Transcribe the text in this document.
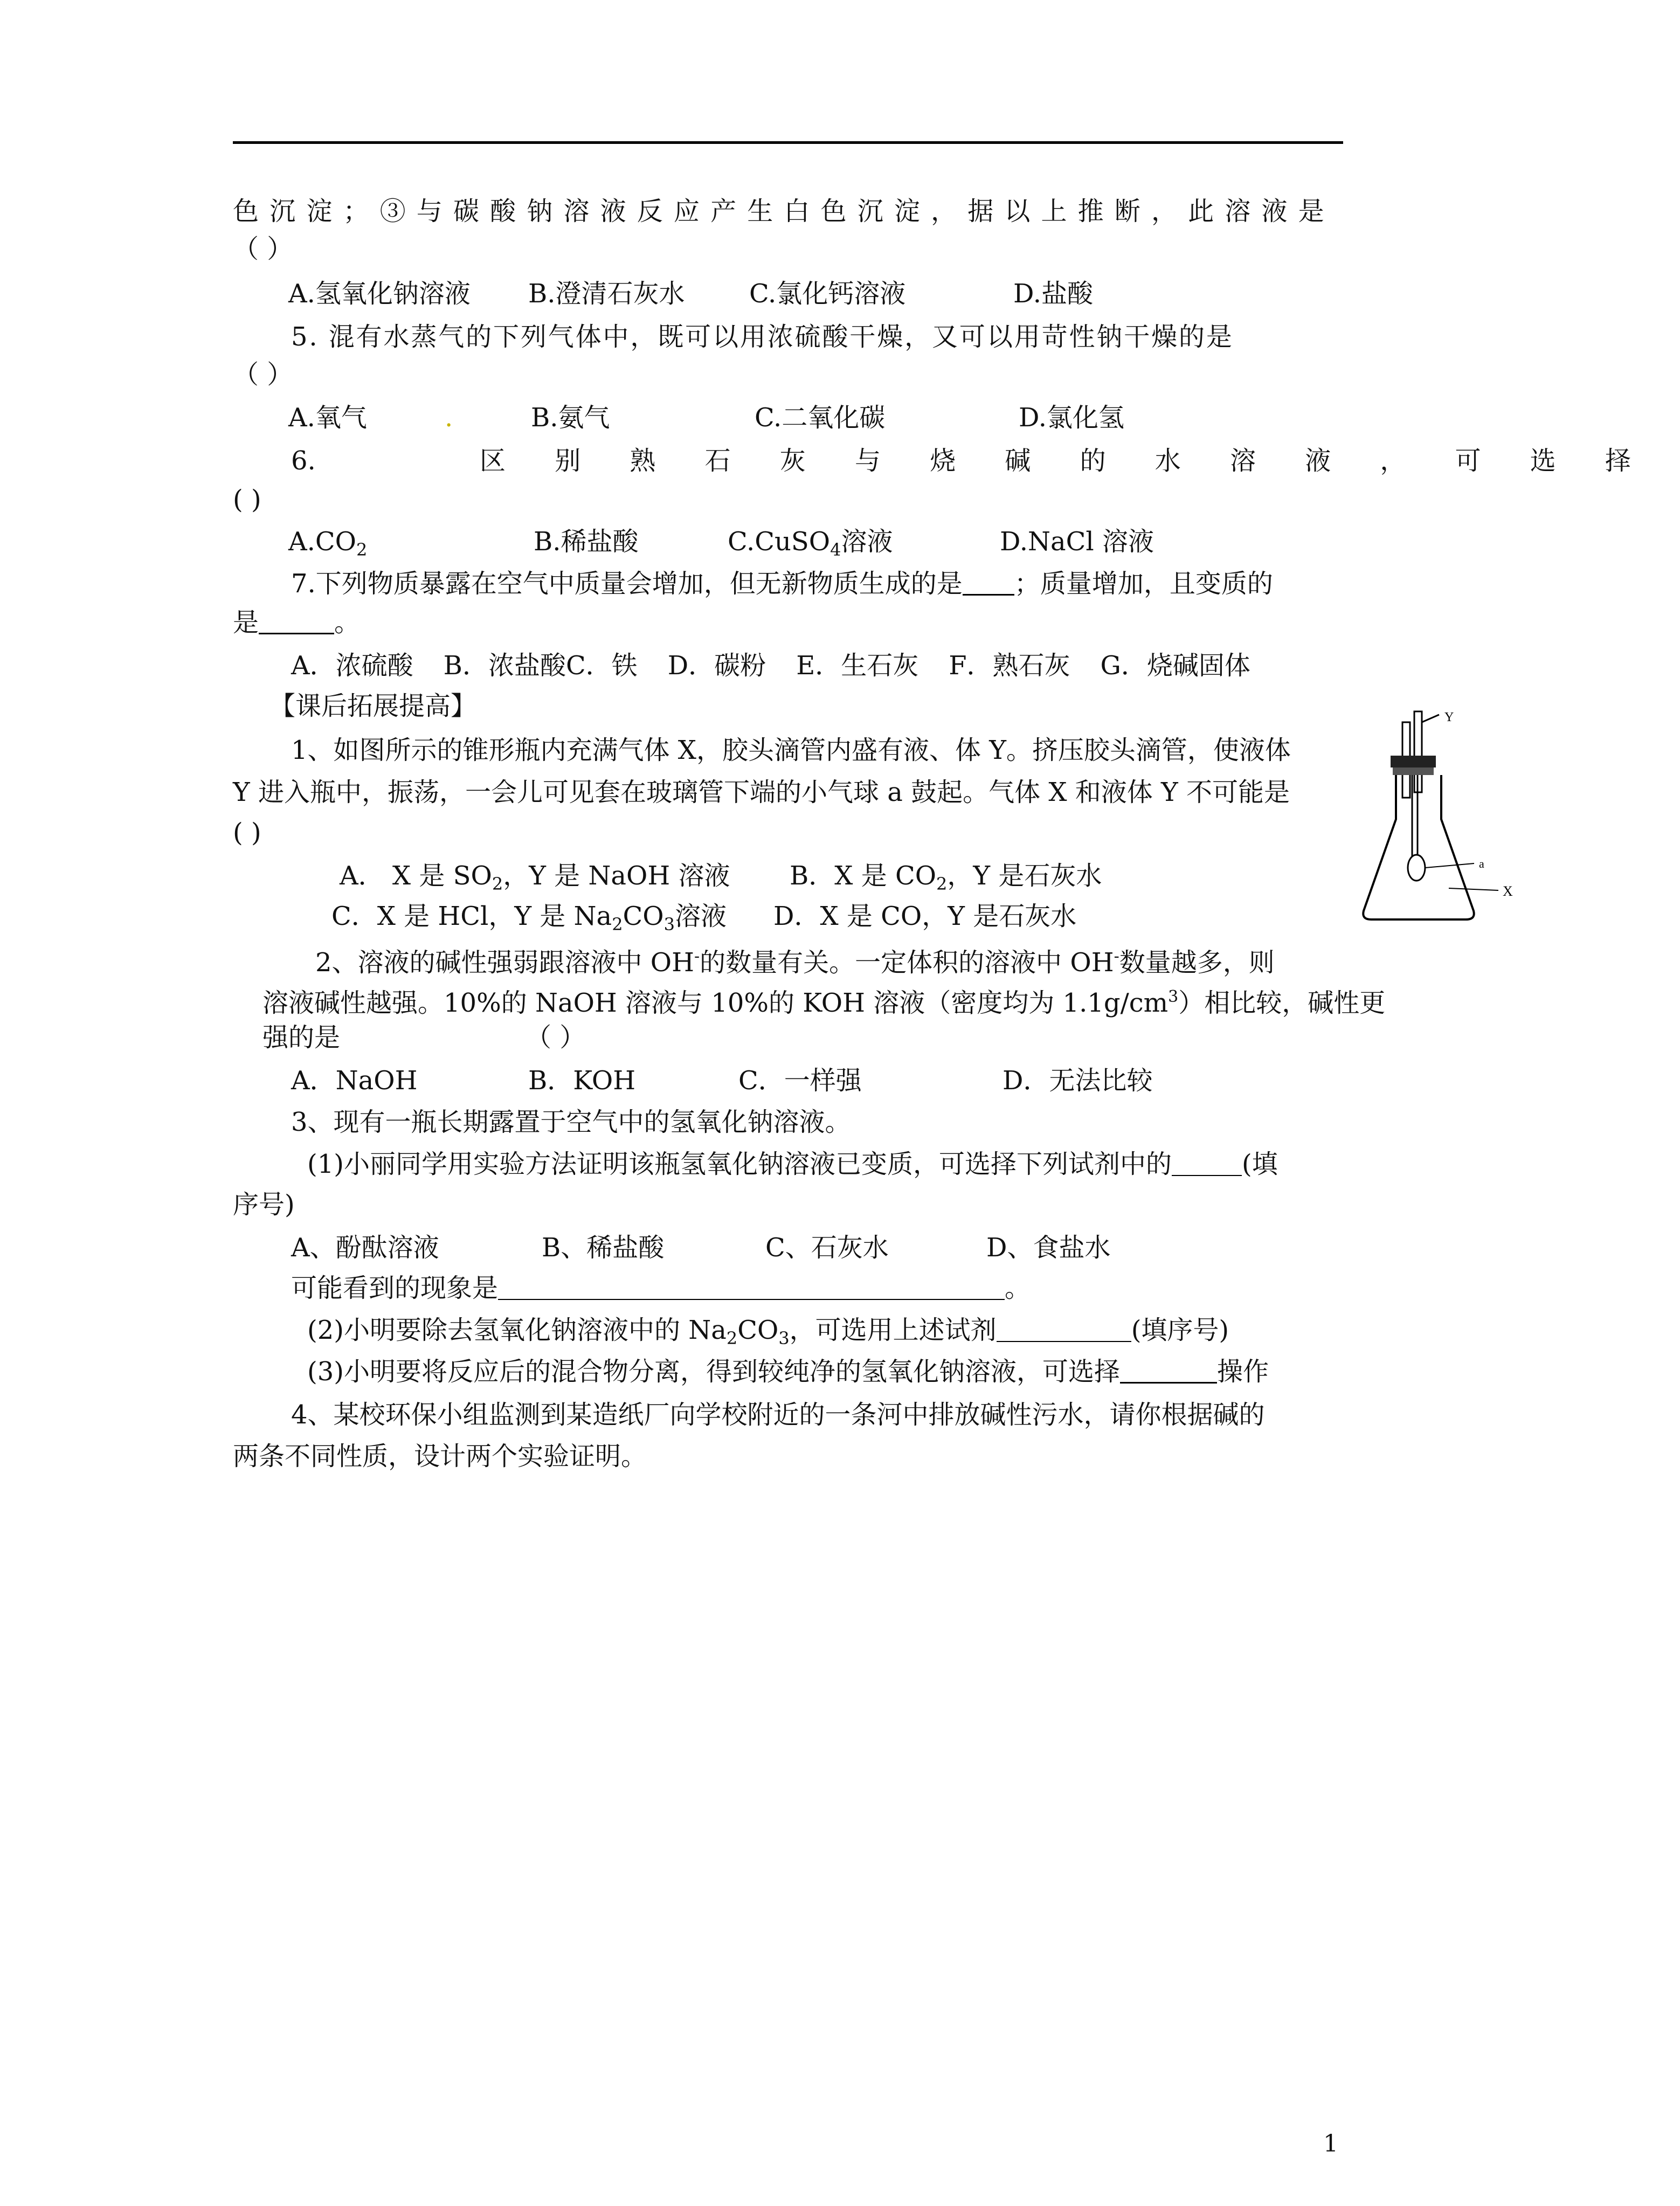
色沉淀；③与碳酸钠溶液反应产生白色沉淀，据以上推断，此溶液是
（ ）
A.氢氧化钠溶液 B.澄清石灰水 C.氯化钙溶液	D.盐酸
5. 混有水蒸气的下列气体中，既可以用浓硫酸干燥，又可以用苛性钠干燥的是
（ ）
A.氧气	.	B.氨气	C.二氧化碳	D.氯化氢
6.	区别熟石灰与烧碱的水溶液，可选择
( )
$A.CO_2$	B.稀盐酸	C.CuSO$_4$溶液	D.NaCl 溶液
7.下列物质暴露在空气中质量会增加，但无新物质生成的是 ；质量增加，且变质的
是	。
A．浓硫酸 B．浓盐酸C．铁 D．碳粉 E．生石灰 F．熟石灰 G．烧碱固体
【课后拓展提高】
1、如图所示的锥形瓶内充满气体 X，胶头滴管内盛有液、体 Y。挤压胶头滴管，使液体
Y 进入瓶中，振荡，一会儿可见套在玻璃管下端的小气球 a 鼓起。气体 X 和液体 Y 不可能是
( )
A． X 是 $SO_2$，Y 是 NaOH 溶液 B．X 是 $CO_2$，Y 是石灰水
C．X 是 HCl，Y 是 $Na_2CO_3$溶液 D．X 是 CO，Y 是石灰水
Y
a
X
2、溶液的碱性强弱跟溶液中 OH-的数量有关。一定体积的溶液中 OH-数量越多，则
溶液碱性越强。10%的 NaOH 溶液与 10%的 KOH 溶液（密度均为 $1.1g/cm^3$）相比较，碱性更
强的是	（ ）
A．NaOH	B．KOH	C．一样强	D．无法比较
3、现有一瓶长期露置于空气中的氢氧化钠溶液。
(1)小丽同学用实验方法证明该瓶氢氧化钠溶液已变质，可选择下列试剂中的	(填
序号)
A、酚酞溶液	B、稀盐酸	C、石灰水	D、食盐水
可能看到的现象是	。
(2)小明要除去氢氧化钠溶液中的 $Na_2CO_3$，可选用上述试剂	(填序号)
(3)小明要将反应后的混合物分离，得到较纯净的氢氧化钠溶液，可选择	操作
4、某校环保小组监测到某造纸厂向学校附近的一条河中排放碱性污水，请你根据碱的
两条不同性质，设计两个实验证明。
1
